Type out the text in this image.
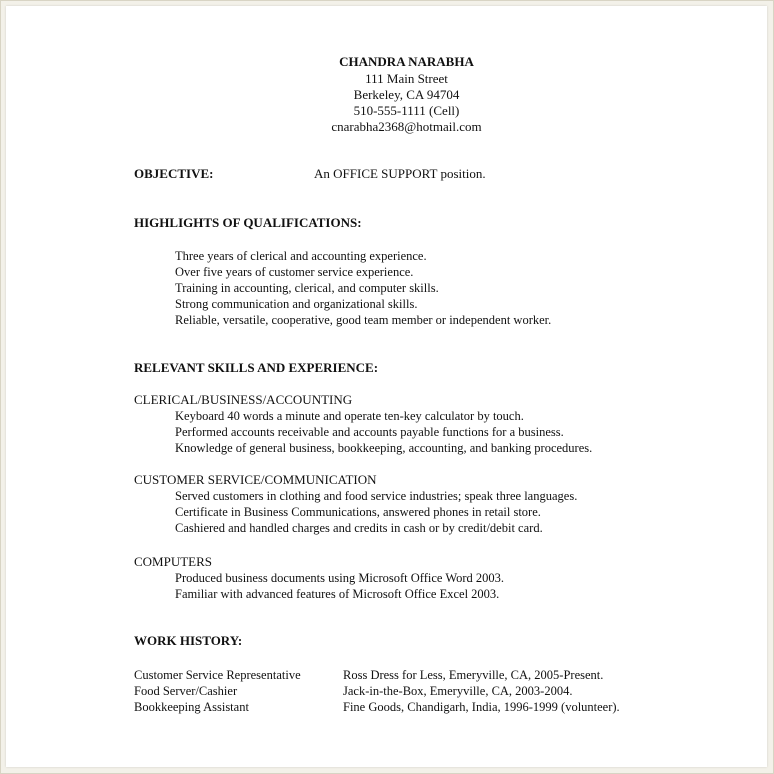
CHANDRA NARABHA
111 Main Street
Berkeley, CA 94704
510-555-1111 (Cell)
cnarabha2368@hotmail.com
OBJECTIVE:	An OFFICE SUPPORT position.
HIGHLIGHTS OF QUALIFICATIONS:
Three years of clerical and accounting experience.
Over five years of customer service experience.
Training in accounting, clerical, and computer skills.
Strong communication and organizational skills.
Reliable, versatile, cooperative, good team member or independent worker.
RELEVANT SKILLS AND EXPERIENCE:
CLERICAL/BUSINESS/ACCOUNTING
Keyboard 40 words a minute and operate ten-key calculator by touch.
Performed accounts receivable and accounts payable functions for a business.
Knowledge of general business, bookkeeping, accounting, and banking procedures.
CUSTOMER SERVICE/COMMUNICATION
Served customers in clothing and food service industries; speak three languages.
Certificate in Business Communications, answered phones in retail store.
Cashiered and handled charges and credits in cash or by credit/debit card.
COMPUTERS
Produced business documents using Microsoft Office Word 2003.
Familiar with advanced features of Microsoft Office Excel 2003.
WORK HISTORY:
Customer Service Representative	Ross Dress for Less, Emeryville, CA, 2005-Present.
Food Server/Cashier	Jack-in-the-Box, Emeryville, CA, 2003-2004.
Bookkeeping Assistant	Fine Goods, Chandigarh, India, 1996-1999 (volunteer).
